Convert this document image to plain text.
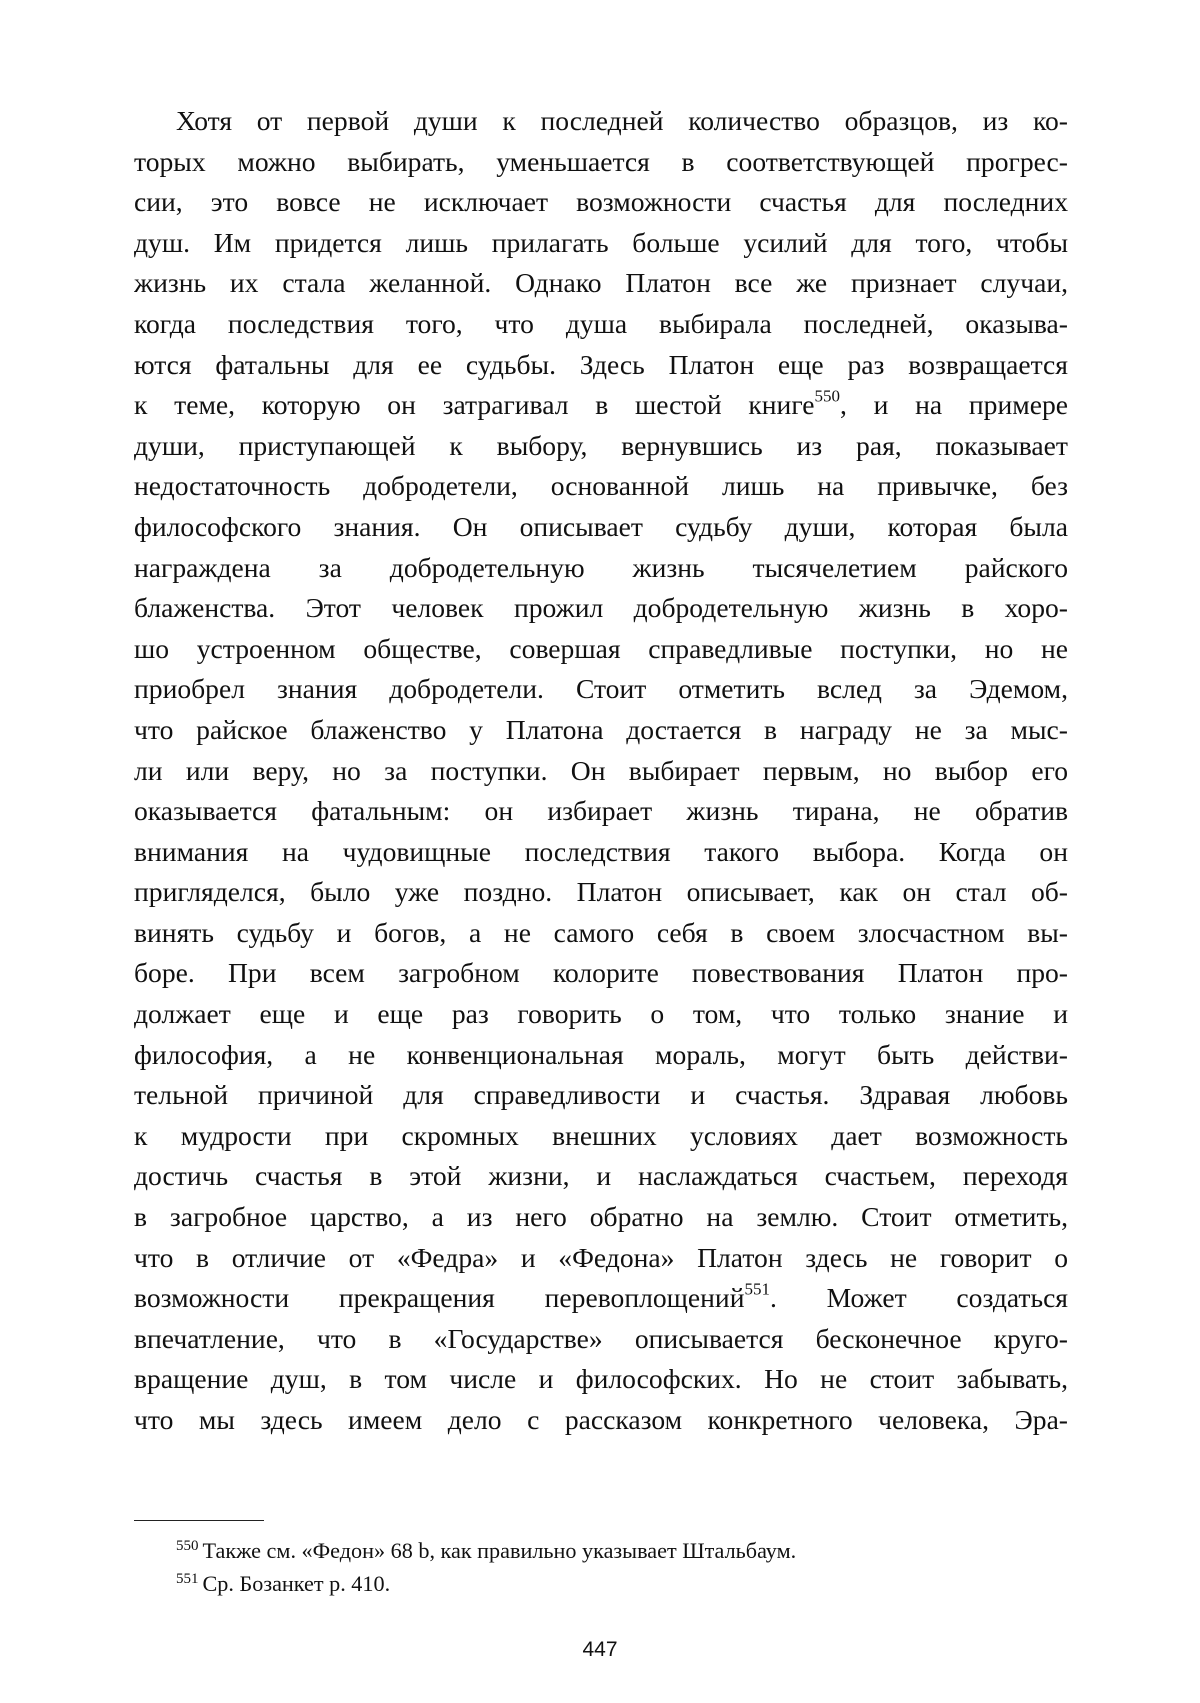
Хотя от первой души к последней количество образцов, из ко-
торых можно выбирать, уменьшается в соответствующей прогрес-
сии, это вовсе не исключает возможности счастья для последних
душ. Им придется лишь прилагать больше усилий для того, чтобы
жизнь их стала желанной. Однако Платон все же признает случаи,
когда последствия того, что душа выбирала последней, оказыва-
ются фатальны для ее судьбы. Здесь Платон еще раз возвращается
к теме, которую он затрагивал в шестой книге$^{550}$, и на примере
души, приступающей к выбору, вернувшись из рая, показывает
недостаточность добродетели, основанной лишь на привычке, без
философского знания. Он описывает судьбу души, которая была
награждена за добродетельную жизнь тысячелетием райского
блаженства. Этот человек прожил добродетельную жизнь в хоро-
шо устроенном обществе, совершая справедливые поступки, но не
приобрел знания добродетели. Стоит отметить вслед за Эдемом,
что райское блаженство у Платона достается в награду не за мыс-
ли или веру, но за поступки. Он выбирает первым, но выбор его
оказывается фатальным: он избирает жизнь тирана, не обратив
внимания на чудовищные последствия такого выбора. Когда он
пригляделся, было уже поздно. Платон описывает, как он стал об-
винять судьбу и богов, а не самого себя в своем злосчастном вы-
боре. При всем загробном колорите повествования Платон про-
должает еще и еще раз говорить о том, что только знание и
философия, а не конвенциональная мораль, могут быть действи-
тельной причиной для справедливости и счастья. Здравая любовь
к мудрости при скромных внешних условиях дает возможность
достичь счастья в этой жизни, и наслаждаться счастьем, переходя
в загробное царство, а из него обратно на землю. Стоит отметить,
что в отличие от «Федра» и «Федона» Платон здесь не говорит о
возможности прекращения перевоплощений$^{551}$. Может создаться
впечатление, что в «Государстве» описывается бесконечное круго-
вращение душ, в том числе и философских. Но не стоит забывать,
что мы здесь имеем дело с рассказом конкретного человека, Эра-
$^{550}$ Также см. «Федон» 68 b, как правильно указывает Штальбаум.
$^{551}$ Ср. Бозанкет р. 410.
447
